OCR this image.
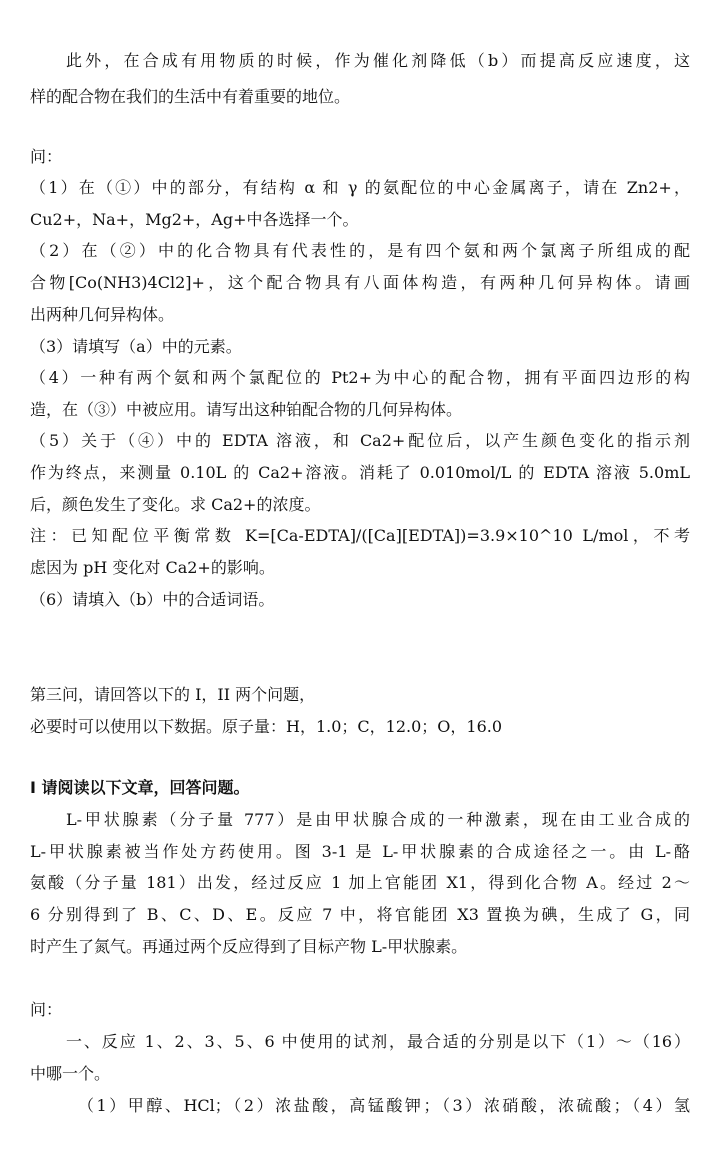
此外，在合成有用物质的时候，作为催化剂降低（b）而提高反应速度，这
样的配合物在我们的生活中有着重要的地位。
问：
（1）在（①）中的部分，有结构 α 和 γ 的氨配位的中心金属离子，请在 Zn2+，
Cu2+，Na+，Mg2+，Ag+中各选择一个。
（2）在（②）中的化合物具有代表性的，是有四个氨和两个氯离子所组成的配
合物[Co(NH3)4Cl2]+，这个配合物具有八面体构造，有两种几何异构体。请画
出两种几何异构体。
（3）请填写（a）中的元素。
（4）一种有两个氨和两个氯配位的 Pt2+为中心的配合物，拥有平面四边形的构
造，在（③）中被应用。请写出这种铂配合物的几何异构体。
（5）关于（④）中的 EDTA 溶液，和 Ca2+配位后，以产生颜色变化的指示剂
作为终点，来测量 0.10L 的 Ca2+溶液。消耗了 0.010mol/L 的 EDTA 溶液 5.0mL
后，颜色发生了变化。求 Ca2+的浓度。
注：已知配位平衡常数 K=[Ca-EDTA]/([Ca][EDTA])=3.9×10^10 L/mol，不考
虑因为 pH 变化对 Ca2+的影响。
（6）请填入（b）中的合适词语。
第三问，请回答以下的 I，II 两个问题，
必要时可以使用以下数据。原子量：H，1.0；C，12.0；O，16.0
I 请阅读以下文章，回答问题。
L-甲状腺素（分子量 777）是由甲状腺合成的一种激素，现在由工业合成的
L-甲状腺素被当作处方药使用。图 3-1 是 L-甲状腺素的合成途径之一。由 L-酪
氨酸（分子量 181）出发，经过反应 1 加上官能团 X1，得到化合物 A。经过 2～
6 分别得到了 B、C、D、E。反应 7 中，将官能团 X3 置换为碘，生成了 G，同
时产生了氮气。再通过两个反应得到了目标产物 L-甲状腺素。
问：
一、反应 1、2、3、5、6 中使用的试剂，最合适的分别是以下（1）～（16）
中哪一个。
（1）甲醇、HCl；（2）浓盐酸，高锰酸钾；（3）浓硝酸，浓硫酸；（4）氢
